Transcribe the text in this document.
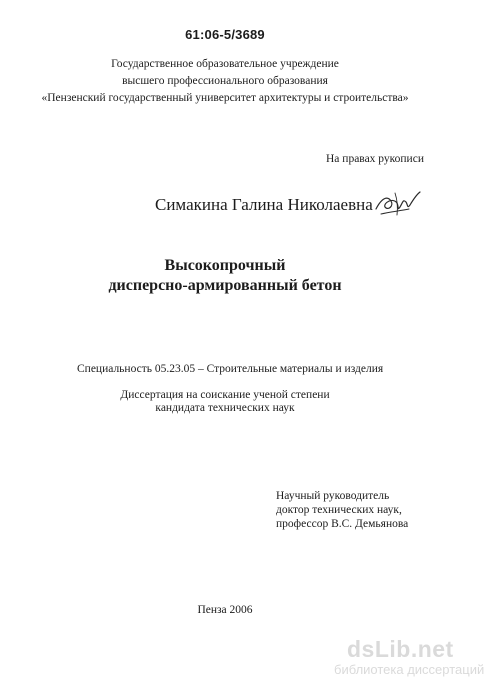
61:06-5/3689
Государственное образовательное учреждение
высшего профессионального образования
«Пензенский государственный университет архитектуры и строительства»
На правах рукописи
Симакина Галина Николаевна
Высокопрочный
дисперсно-армированный бетон
Специальность 05.23.05 – Строительные материалы и изделия
Диссертация на соискание ученой степени
кандидата технических наук
Научный руководитель
доктор технических наук,
профессор В.С. Демьянова
Пенза 2006
dsLib.net
библиотека диссертаций
